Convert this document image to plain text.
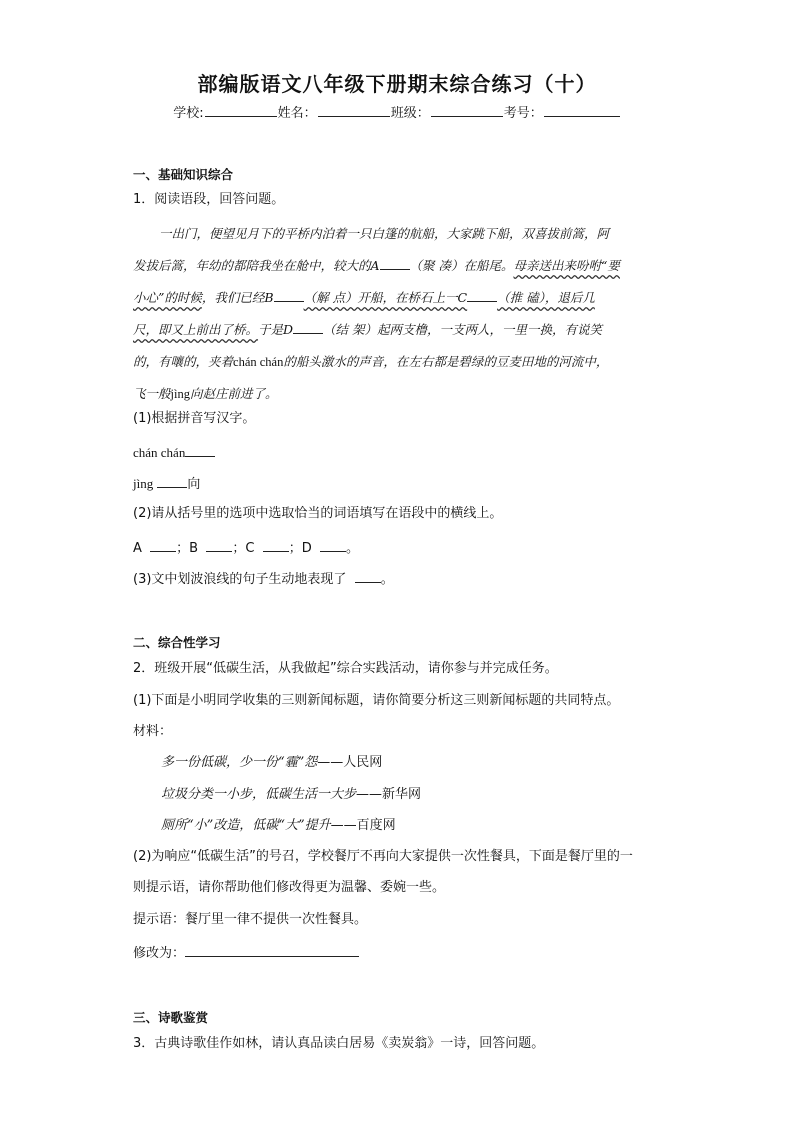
部编版语文八年级下册期末综合练习（十）
学校:	姓名：	班级：	考号：
一、基础知识综合
1．阅读语段，回答问题。
一出门，便望见月下的平桥内泊着一只白篷的航船，大家跳下船，双喜拔前篙，阿
发拔后篙，年幼的都陪我坐在舱中，较大的A （聚 凑）在船尾。母亲送出来吩咐“要
小心”的时候，我们已经B （解 点）开船，在桥石上一C （推 磕），退后几
尺，即又上前出了桥。于是D （结 架）起两支橹，一支两人，一里一换，有说笑
的，有嚷的，夹着chán chán的船头激水的声音，在左右都是碧绿的豆麦田地的河流中，
飞一般jìng向赵庄前进了。
(1)根据拼音写汉字。
chán chán
jìng	向
(2)请从括号里的选项中选取恰当的词语填写在语段中的横线上。
A	；B	；C	；D	。
(3)文中划波浪线的句子生动地表现了	。
二、综合性学习
2．班级开展“低碳生活，从我做起”综合实践活动，请你参与并完成任务。
(1)下面是小明同学收集的三则新闻标题，请你简要分析这三则新闻标题的共同特点。
材料：
多一份低碳，少一份“霾”怨——人民网
垃圾分类一小步，低碳生活一大步——新华网
厕所“小”改造，低碳“大”提升——百度网
(2)为响应“低碳生活”的号召，学校餐厅不再向大家提供一次性餐具，下面是餐厅里的一
则提示语，请你帮助他们修改得更为温馨、委婉一些。
提示语：餐厅里一律不提供一次性餐具。
修改为：
三、诗歌鉴赏
3．古典诗歌佳作如林，请认真品读白居易《卖炭翁》一诗，回答问题。
